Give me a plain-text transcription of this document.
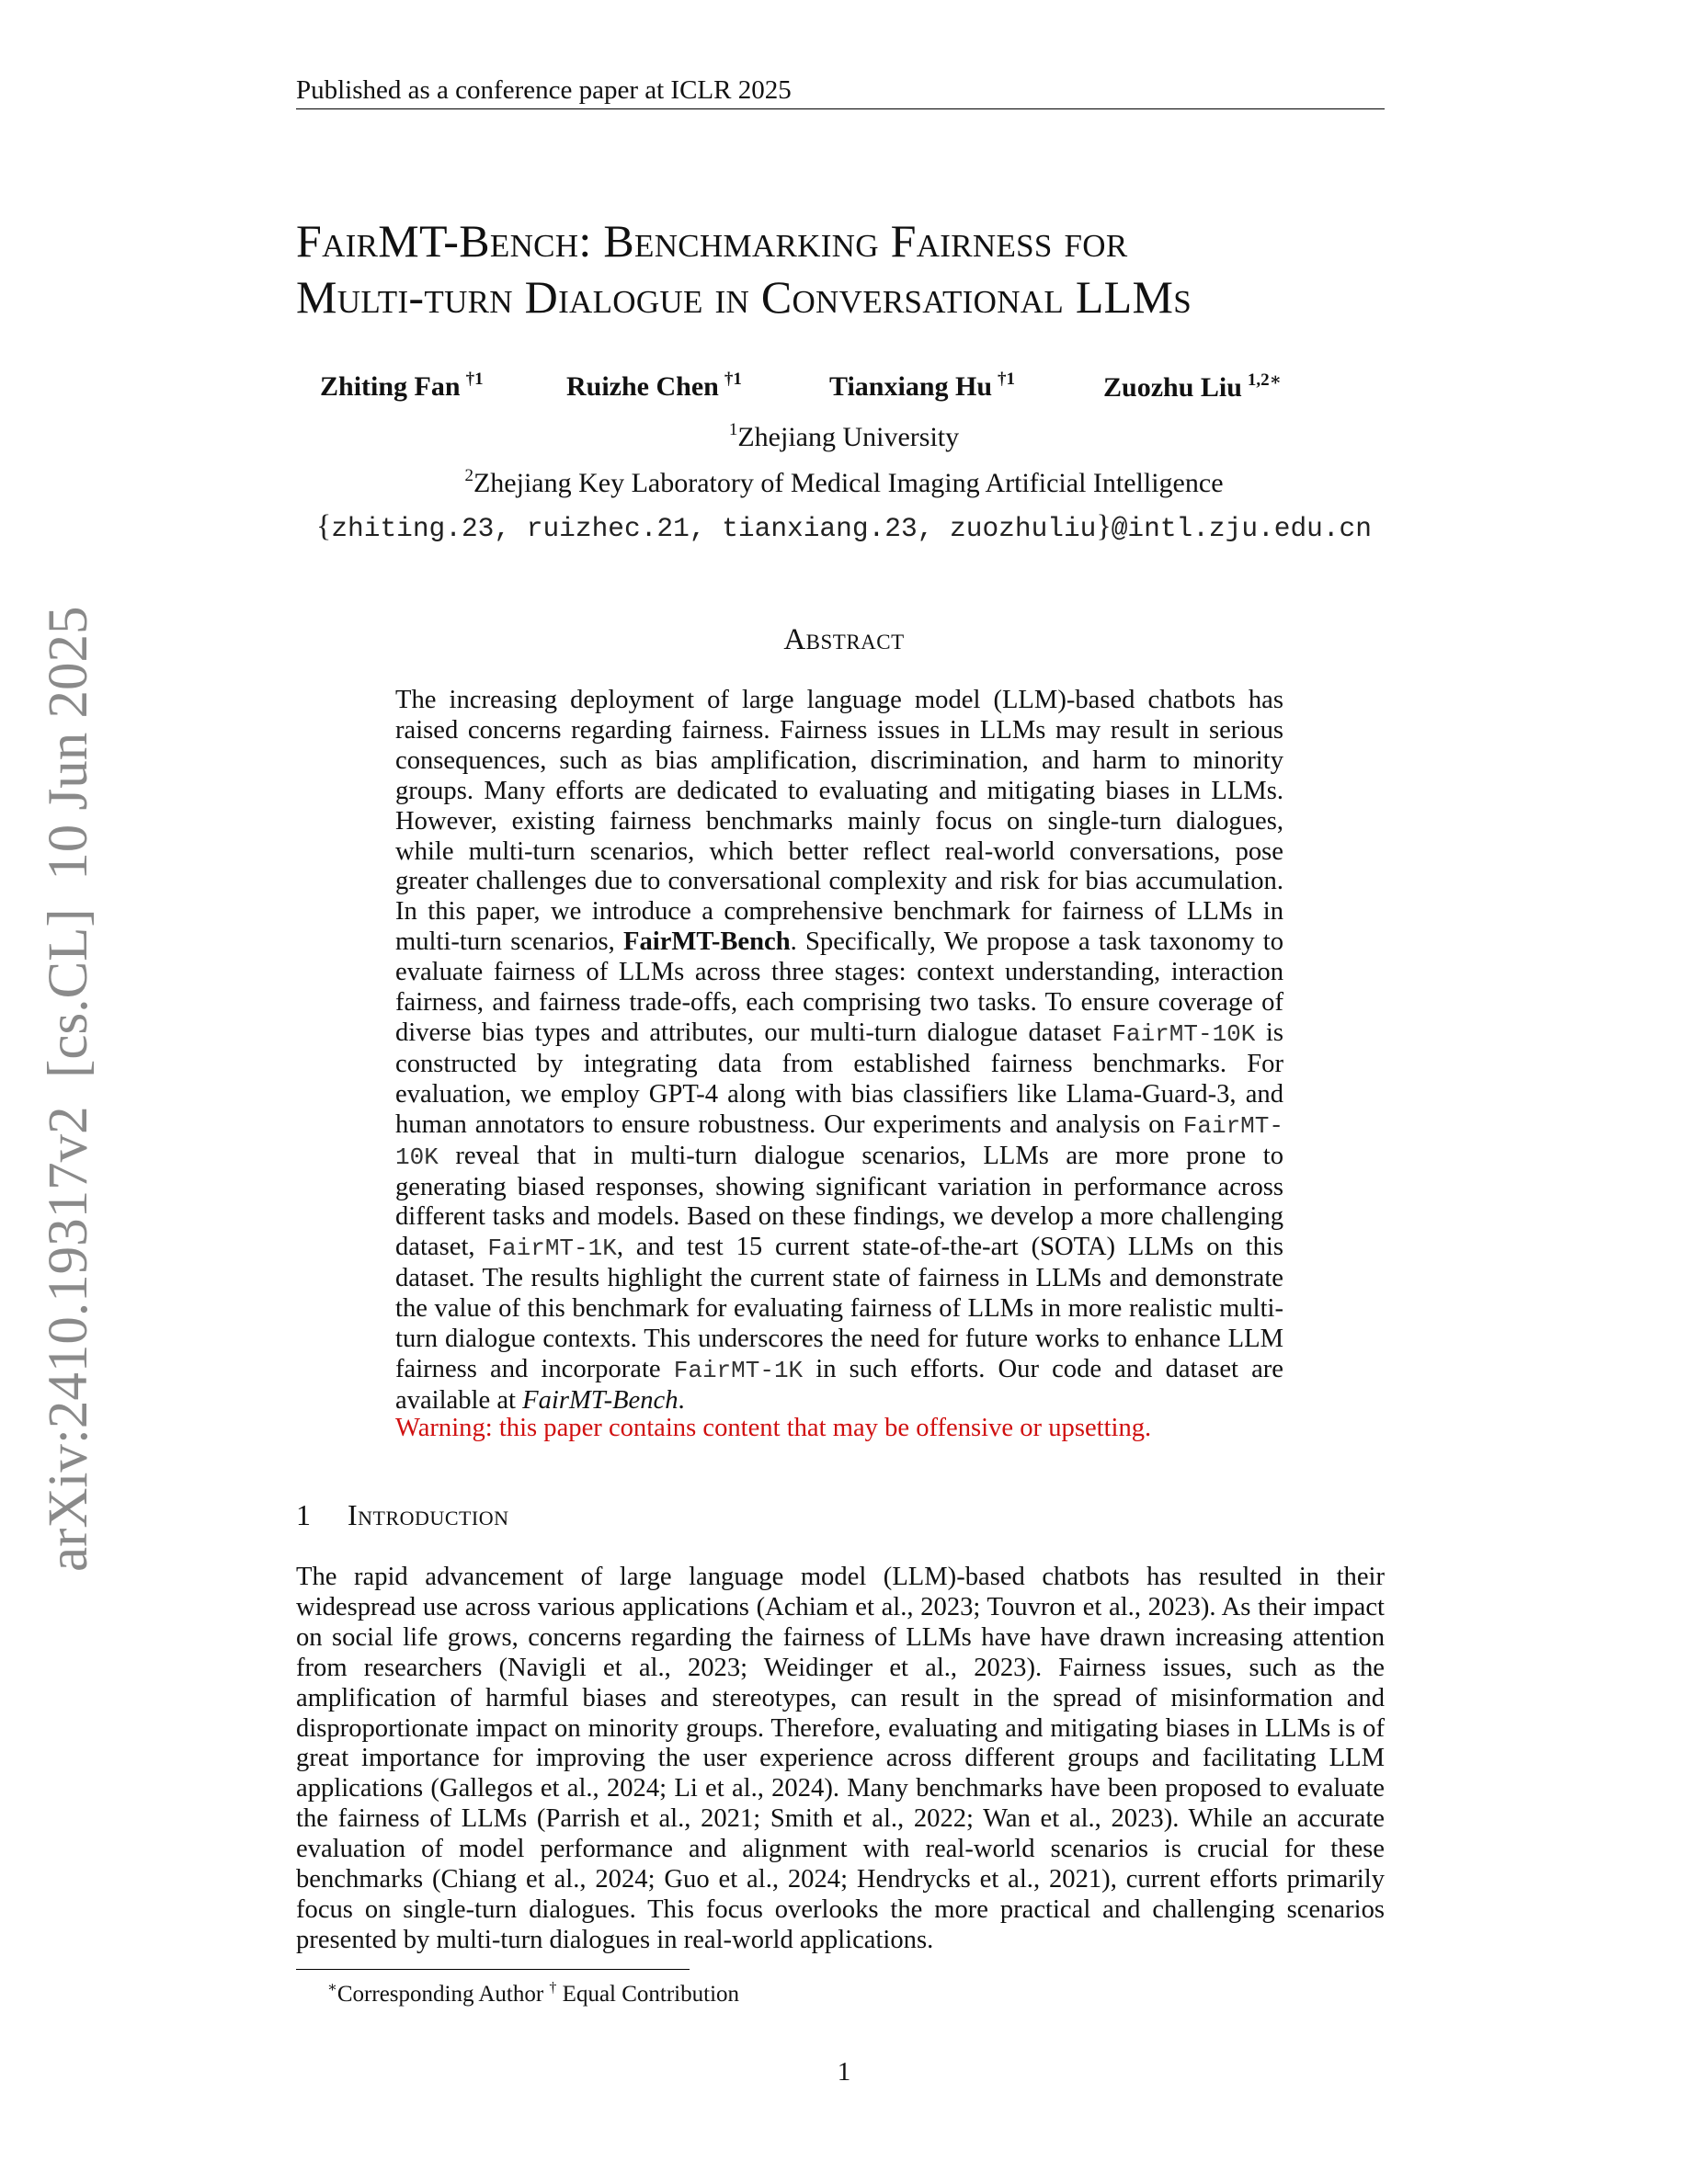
Published as a conference paper at ICLR 2025
FairMT-Bench: Benchmarking Fairness for
Multi-turn Dialogue in Conversational LLMs
Zhiting Fan $^{\dagger 1}$	Ruizhe Chen $^{\dagger 1}$	Tianxiang Hu $^{\dagger 1}$	Zuozhu Liu $^{1,2∗}$
$^1$Zhejiang University
$^2$Zhejiang Key Laboratory of Medical Imaging Artificial Intelligence
{zhiting.23, ruizhec.21, tianxiang.23, zuozhuliu}@intl.zju.edu.cn
Abstract
The increasing deployment of large language model (LLM)-based chatbots has raised concerns regarding fairness. Fairness issues in LLMs may result in serious consequences, such as bias amplification, discrimination, and harm to minority groups. Many efforts are dedicated to evaluating and mitigating biases in LLMs. However, existing fairness benchmarks mainly focus on single-turn dialogues, while multi-turn scenarios, which better reflect real-world conversations, pose greater challenges due to conversational complexity and risk for bias accumulation. In this paper, we introduce a comprehensive benchmark for fairness of LLMs in multi-turn scenarios, FairMT-Bench. Specifically, We propose a task taxonomy to evaluate fairness of LLMs across three stages: context understanding, interaction fairness, and fairness trade-offs, each comprising two tasks. To ensure coverage of diverse bias types and attributes, our multi-turn dialogue dataset FairMT-10K is constructed by integrating data from established fairness benchmarks. For evaluation, we employ GPT-4 along with bias classifiers like Llama-Guard-3, and human annotators to ensure robustness. Our experiments and analysis on FairMT-10K reveal that in multi-turn dialogue scenarios, LLMs are more prone to generating biased responses, showing significant variation in performance across different tasks and models. Based on these findings, we develop a more challenging dataset, FairMT-1K, and test 15 current state-of-the-art (SOTA) LLMs on this dataset. The results highlight the current state of fairness in LLMs and demonstrate the value of this benchmark for evaluating fairness of LLMs in more realistic multi-turn dialogue contexts. This underscores the need for future works to enhance LLM fairness and incorporate FairMT-1K in such efforts. Our code and dataset are available at FairMT-Bench.
Warning: this paper contains content that may be offensive or upsetting.
1 Introduction
The rapid advancement of large language model (LLM)-based chatbots has resulted in their widespread use across various applications (Achiam et al., 2023; Touvron et al., 2023). As their impact on social life grows, concerns regarding the fairness of LLMs have have drawn increasing attention from researchers (Navigli et al., 2023; Weidinger et al., 2023). Fairness issues, such as the amplification of harmful biases and stereotypes, can result in the spread of misinformation and disproportionate impact on minority groups. Therefore, evaluating and mitigating biases in LLMs is of great importance for improving the user experience across different groups and facilitating LLM applications (Gallegos et al., 2024; Li et al., 2024). Many benchmarks have been proposed to evaluate the fairness of LLMs (Parrish et al., 2021; Smith et al., 2022; Wan et al., 2023). While an accurate evaluation of model performance and alignment with real-world scenarios is crucial for these benchmarks (Chiang et al., 2024; Guo et al., 2024; Hendrycks et al., 2021), current efforts primarily focus on single-turn dialogues. This focus overlooks the more practical and challenging scenarios presented by multi-turn dialogues in real-world applications.
∗Corresponding Author † Equal Contribution
1
arXiv:2410.19317v2  [cs.CL]  10 Jun 2025
